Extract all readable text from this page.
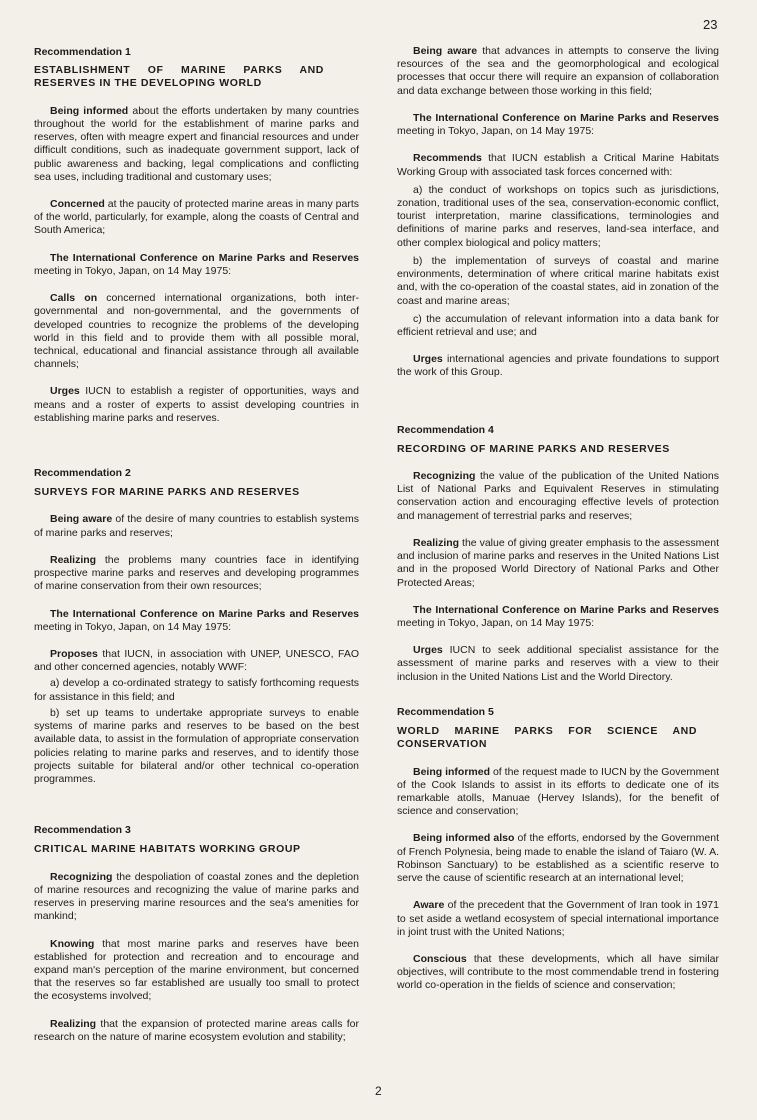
23

Recommendation 1

ESTABLISHMENT OF MARINE PARKS AND RESERVES IN THE DEVELOPING WORLD

Being informed about the efforts undertaken by many countries throughout the world for the establishment of marine parks and reserves, often with meagre expert and financial resources and under difficult conditions, such as inadequate government support, lack of public awareness and backing, legal complications and conflicting sea uses, including traditional and customary uses;

Concerned at the paucity of protected marine areas in many parts of the world, particularly, for example, along the coasts of Central and South America;

The International Conference on Marine Parks and Reserves meeting in Tokyo, Japan, on 14 May 1975:

Calls on concerned international organizations, both inter-governmental and non-governmental, and the governments of developed countries to recognize the problems of the developing world in this field and to provide them with all possible moral, technical, educational and financial assistance through all available channels;

Urges IUCN to establish a register of opportunities, ways and means and a roster of experts to assist developing countries in establishing marine parks and reserves.

Recommendation 2

SURVEYS FOR MARINE PARKS AND RESERVES

Being aware of the desire of many countries to establish systems of marine parks and reserves;

Realizing the problems many countries face in identifying prospective marine parks and reserves and developing programmes of marine conservation from their own resources;

The International Conference on Marine Parks and Reserves meeting in Tokyo, Japan, on 14 May 1975:

Proposes that IUCN, in association with UNEP, UNESCO, FAO and other concerned agencies, notably WWF:

a) develop a co-ordinated strategy to satisfy forthcoming requests for assistance in this field; and

b) set up teams to undertake appropriate surveys to enable systems of marine parks and reserves to be based on the best available data, to assist in the formulation of appropriate conservation policies relating to marine parks and reserves, and to identify those projects suitable for bilateral and/or other technical co-operation programmes.

Recommendation 3

CRITICAL MARINE HABITATS WORKING GROUP

Recognizing the despoliation of coastal zones and the depletion of marine resources and recognizing the value of marine parks and reserves in preserving marine resources and the sea's amenities for mankind;

Knowing that most marine parks and reserves have been established for protection and recreation and to encourage and expand man's perception of the marine environment, but concerned that the reserves so far established are usually too small to protect the ecosystems involved;

Realizing that the expansion of protected marine areas calls for research on the nature of marine ecosystem evolution and stability;

Being aware that advances in attempts to conserve the living resources of the sea and the geomorphological and ecological processes that occur there will require an expansion of collaboration and data exchange between those working in this field;

The International Conference on Marine Parks and Reserves meeting in Tokyo, Japan, on 14 May 1975:

Recommends that IUCN establish a Critical Marine Habitats Working Group with associated task forces concerned with:

a) the conduct of workshops on topics such as jurisdictions, zonation, traditional uses of the sea, conservation-economic conflict, tourist interpretation, marine classifications, terminologies and definitions of marine parks and reserves, land-sea interface, and other complex biological and policy matters;

b) the implementation of surveys of coastal and marine environments, determination of where critical marine habitats exist and, with the co-operation of the coastal states, aid in zonation of the coast and marine areas;

c) the accumulation of relevant information into a data bank for efficient retrieval and use; and

Urges international agencies and private foundations to support the work of this Group.

Recommendation 4

RECORDING OF MARINE PARKS AND RESERVES

Recognizing the value of the publication of the United Nations List of National Parks and Equivalent Reserves in stimulating conservation action and encouraging effective levels of protection and management of terrestrial parks and reserves;

Realizing the value of giving greater emphasis to the assessment and inclusion of marine parks and reserves in the United Nations List and in the proposed World Directory of National Parks and Other Protected Areas;

The International Conference on Marine Parks and Reserves meeting in Tokyo, Japan, on 14 May 1975:

Urges IUCN to seek additional specialist assistance for the assessment of marine parks and reserves with a view to their inclusion in the United Nations List and the World Directory.

Recommendation 5

WORLD MARINE PARKS FOR SCIENCE AND CONSERVATION

Being informed of the request made to IUCN by the Government of the Cook Islands to assist in its efforts to dedicate one of its remarkable atolls, Manuae (Hervey Islands), for the benefit of science and conservation;

Being informed also of the efforts, endorsed by the Government of French Polynesia, being made to enable the island of Taiaro (W. A. Robinson Sanctuary) to be established as a scientific reserve to serve the cause of scientific research at an international level;

Aware of the precedent that the Government of Iran took in 1971 to set aside a wetland ecosystem of special international importance in joint trust with the United Nations;

Conscious that these developments, which all have similar objectives, will contribute to the most commendable trend in fostering world co-operation in the fields of science and conservation;

2
